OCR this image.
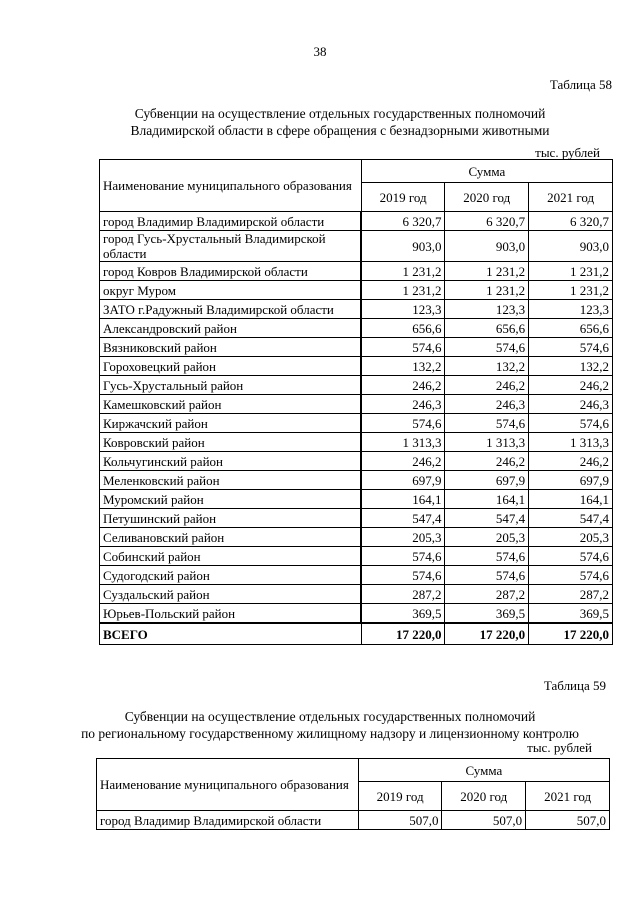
38
Таблица 58
Субвенции на осуществление отдельных государственных полномочий
Владимирской области в сфере обращения с безнадзорными животными
тыс. рублей
Наименование муниципального образования	Сумма		
	2019 год	2020 год	2021 год
город Владимир Владимирской области	6 320,7	6 320,7	6 320,7
город Гусь-Хрустальный Владимирской области	903,0	903,0	903,0
город Ковров Владимирской области	1 231,2	1 231,2	1 231,2
округ Муром	1 231,2	1 231,2	1 231,2
ЗАТО г.Радужный Владимирской области	123,3	123,3	123,3
Александровский район	656,6	656,6	656,6
Вязниковский район	574,6	574,6	574,6
Гороховецкий район	132,2	132,2	132,2
Гусь-Хрустальный район	246,2	246,2	246,2
Камешковский район	246,3	246,3	246,3
Киржачский район	574,6	574,6	574,6
Ковровский район	1 313,3	1 313,3	1 313,3
Кольчугинский район	246,2	246,2	246,2
Меленковский район	697,9	697,9	697,9
Муромский район	164,1	164,1	164,1
Петушинский район	547,4	547,4	547,4
Селивановский район	205,3	205,3	205,3
Собинский район	574,6	574,6	574,6
Судогодский район	574,6	574,6	574,6
Суздальский район	287,2	287,2	287,2
Юрьев-Польский район	369,5	369,5	369,5
ВСЕГО	17 220,0	17 220,0	17 220,0
Таблица 59
Субвенции на осуществление отдельных государственных полномочий
по региональному государственному жилищному надзору и лицензионному контролю
тыс. рублей
Наименование муниципального образования	Сумма		
	2019 год	2020 год	2021 год
город Владимир Владимирской области	507,0	507,0	507,0
